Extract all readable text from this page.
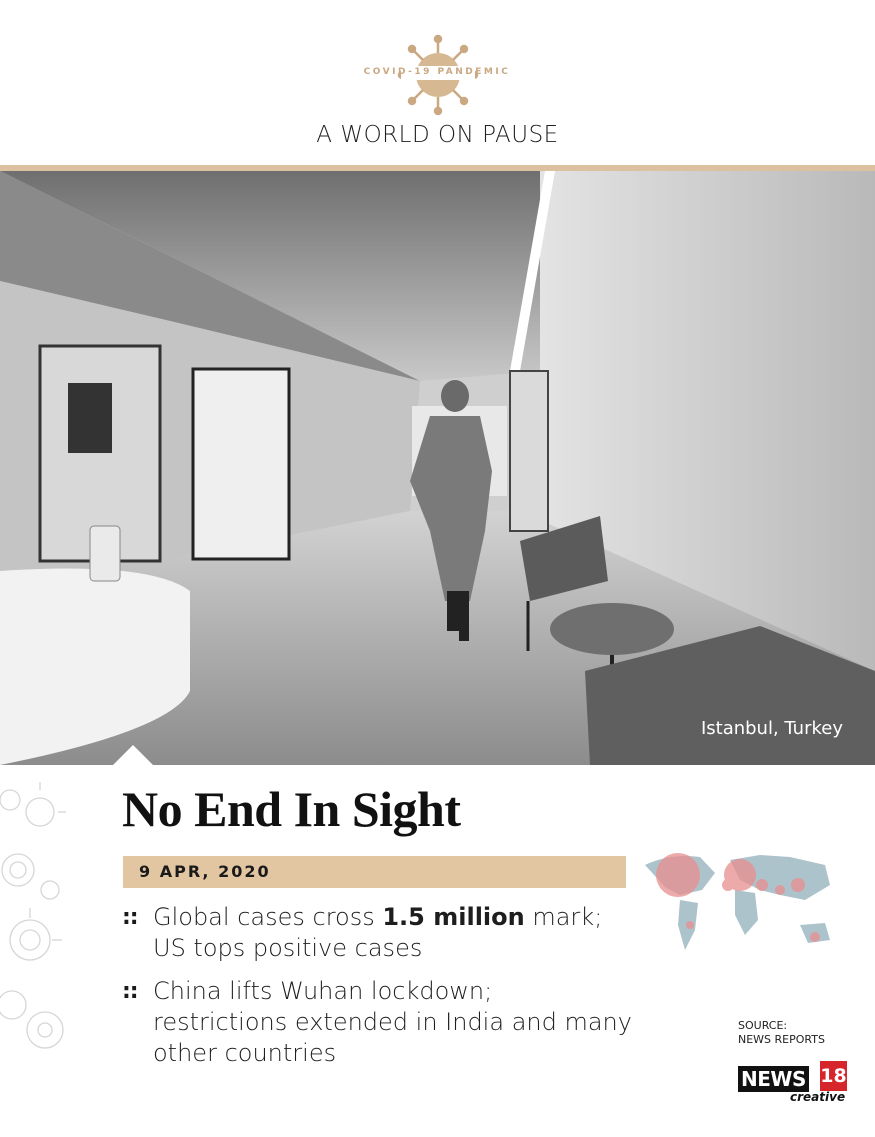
COVID-19 PANDEMIC
A WORLD ON PAUSE
Istanbul, Turkey
No End In Sight
9 APR, 2020
:: Global cases cross 1.5 million mark; US tops positive cases
:: China lifts Wuhan lockdown; restrictions extended in India and many other countries
SOURCE:
NEWS REPORTS
NEWS 18
creative
